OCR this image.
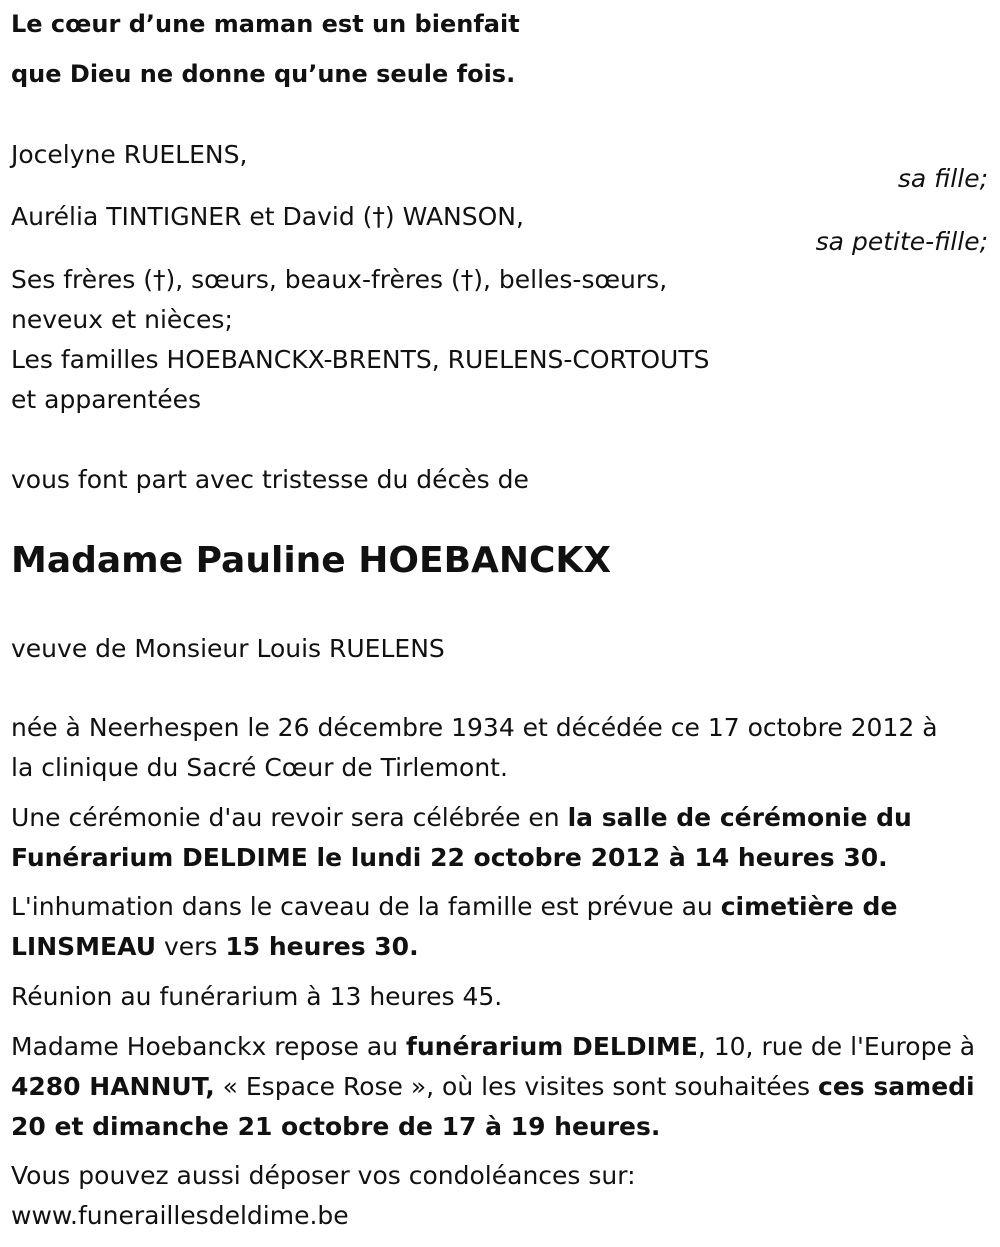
Le cœur d’une maman est un bienfait
que Dieu ne donne qu’une seule fois.
Jocelyne RUELENS,
sa fille;
Aurélia TINTIGNER et David (†) WANSON,
sa petite-fille;
Ses frères (†), sœurs, beaux-frères (†), belles-sœurs,
neveux et nièces;
Les familles HOEBANCKX-BRENTS, RUELENS-CORTOUTS
et apparentées
vous font part avec tristesse du décès de
Madame Pauline HOEBANCKX
veuve de Monsieur Louis RUELENS
née à Neerhespen le 26 décembre 1934 et décédée ce 17 octobre 2012 à
la clinique du Sacré Cœur de Tirlemont.
Une cérémonie d'au revoir sera célébrée en la salle de cérémonie du Funérarium DELDIME le lundi 22 octobre 2012 à 14 heures 30.
L'inhumation dans le caveau de la famille est prévue au cimetière de LINSMEAU vers 15 heures 30.
Réunion au funérarium à 13 heures 45.
Madame Hoebanckx repose au funérarium DELDIME, 10, rue de l'Europe à 4280 HANNUT, « Espace Rose », où les visites sont souhaitées ces samedi 20 et dimanche 21 octobre de 17 à 19 heures.
Vous pouvez aussi déposer vos condoléances sur:
www.funeraillesdeldime.be
